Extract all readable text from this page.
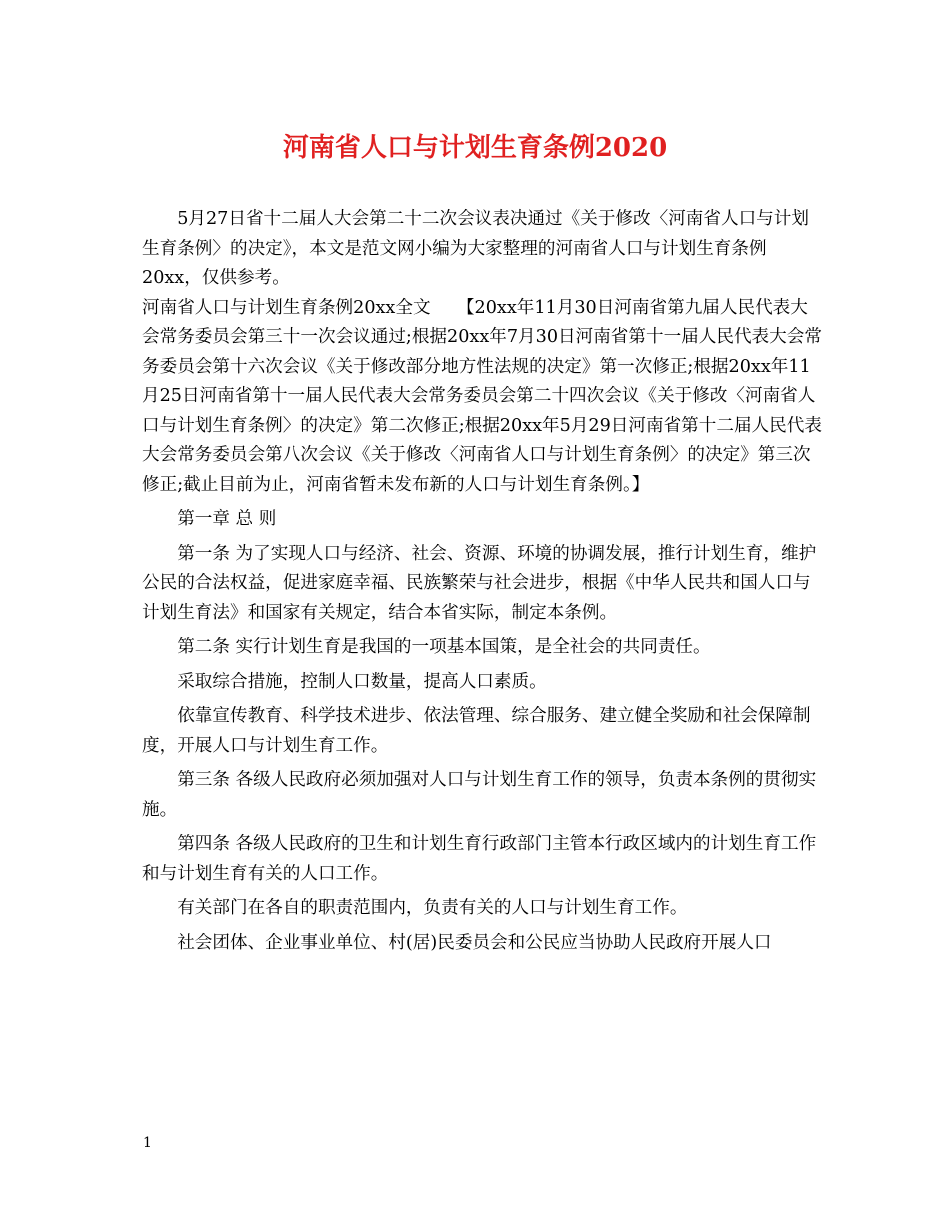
河南省人口与计划生育条例2020

5月27日省十二届人大会第二十二次会议表决通过《关于修改〈河南省人口与计划生育条例〉的决定》，本文是范文网小编为大家整理的河南省人口与计划生育条例20xx，仅供参考。

河南省人口与计划生育条例20xx全文　　【20xx年11月30日河南省第九届人民代表大会常务委员会第三十一次会议通过;根据20xx年7月30日河南省第十一届人民代表大会常务委员会第十六次会议《关于修改部分地方性法规的决定》第一次修正;根据20xx年11月25日河南省第十一届人民代表大会常务委员会第二十四次会议《关于修改〈河南省人口与计划生育条例〉的决定》第二次修正;根据20xx年5月29日河南省第十二届人民代表大会常务委员会第八次会议《关于修改〈河南省人口与计划生育条例〉的决定》第三次修正;截止目前为止，河南省暂未发布新的人口与计划生育条例。】

第一章 总 则

第一条 为了实现人口与经济、社会、资源、环境的协调发展，推行计划生育，维护公民的合法权益，促进家庭幸福、民族繁荣与社会进步，根据《中华人民共和国人口与计划生育法》和国家有关规定，结合本省实际，制定本条例。

第二条 实行计划生育是我国的一项基本国策，是全社会的共同责任。

采取综合措施，控制人口数量，提高人口素质。

依靠宣传教育、科学技术进步、依法管理、综合服务、建立健全奖励和社会保障制度，开展人口与计划生育工作。

第三条 各级人民政府必须加强对人口与计划生育工作的领导，负责本条例的贯彻实施。

第四条 各级人民政府的卫生和计划生育行政部门主管本行政区域内的计划生育工作和与计划生育有关的人口工作。

有关部门在各自的职责范围内，负责有关的人口与计划生育工作。

社会团体、企业事业单位、村(居)民委员会和公民应当协助人民政府开展人口

1
